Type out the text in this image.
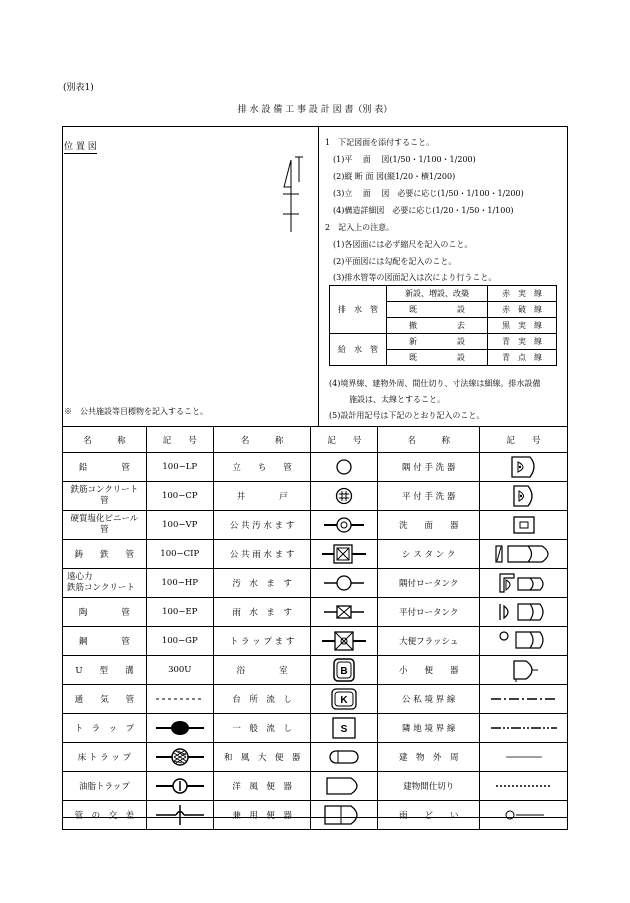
(別表1)
排 水 設 備 工 事 設 計 図 書（別 表）
位 置 図
※　公共施設等目標物を記入すること。
1　下記図面を添付すること。
(1)平　 面　 図(1/50・1/100・1/200)
(2)縦 断 面 図(縦1/20・横1/200)
(3)立　 面　 図　必要に応じ(1/50・1/100・1/200)
(4)構造詳細図　必要に応じ(1/20・1/50・1/100)
2　記入上の注意。
(1)各図面には必ず縮尺を記入のこと。
(2)平面図には勾配を記入のこと。
(3)排水管等の図面記入は次により行うこと。
排　水　管	新設、増設、改築	赤　実　線
	既　　　　　設	赤　破　線
	撤　　　　　去	黒　実　線
給　水　管	新　　　　　設	青　実　線
	既　　　　　設	青　点　線
(4)境界線、建物外周、間仕切り、寸法線は細線。排水設備
施設は、太線とすること。
(5)設計用記号は下記のとおり記入のこと。
名　　　称	記　　号	名　　　称	記　　号	名　　　称	記　　号
鉛　　　　管	100−LP	立　　ち　　管		隅 付 手 洗 器	

鉄筋コンクリート
管	100−CP	井　　　　戸		平 付 手 洗 器	

硬質塩化ビニール
管	100−VP	公 共 汚 水 ま す		洗　　面　　器	

鋳　　鉄　　管	100−CIP	公 共 雨 水 ま す		シ ス タ ン ク	

遠心力
鉄筋コンクリート	100−HP	汚　水　ま　す		隅付ロータンク	

陶　　　　管	100−EP	雨　水　ま　す		平付ロータンク	

鋼　　　　管	100−GP	ト ラ ッ プ ま す		大便フラッシュ	

U　　型　　溝	300U	浴　　　　室	B	小　　便　　器	

通　　気　　管		台　所　流　し	K	公 私 境 界 線	

ト　ラ　ッ　プ		一　般　流　し	S	隣 地 境 界 線	

床 ト ラ ッ プ		和　風　大　便　器		建　物　外　周	

油脂トラップ		洋　風　便　器		建物間仕切り	

管　の　交　差		兼　用　便　器		雨　　ど　　い	
